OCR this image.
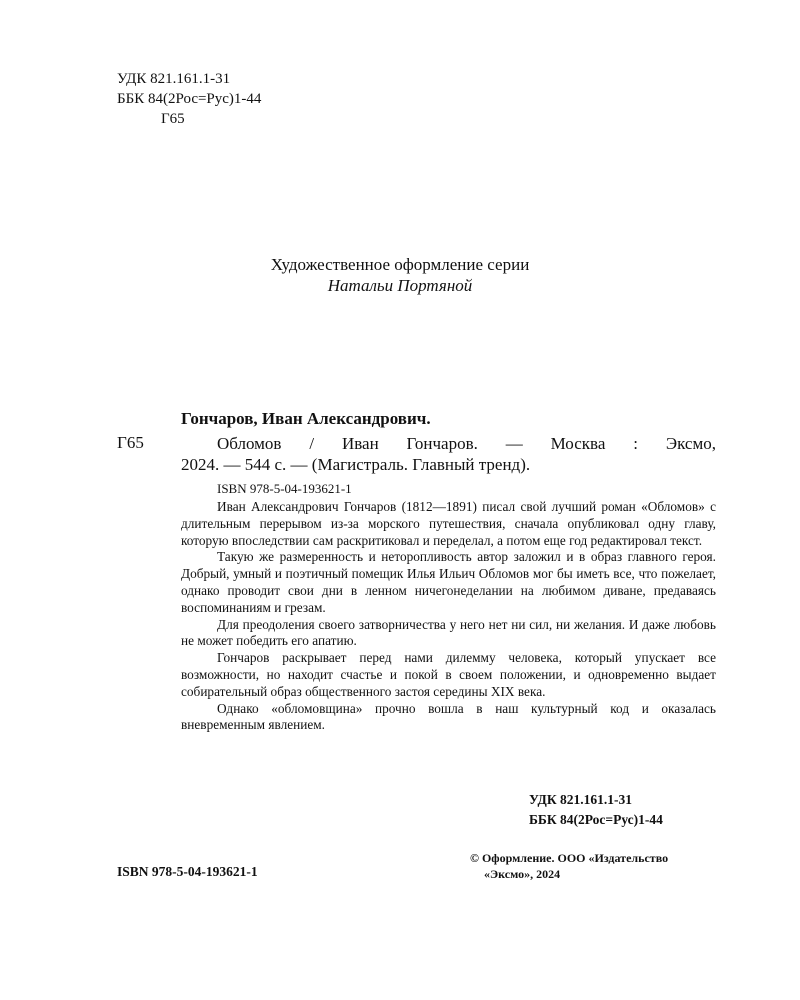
УДК 821.161.1-31
ББК 84(2Рос=Рус)1-44
Г65
Художественное оформление серии
Натальи Портяной
Гончаров, Иван Александрович.
Г65	Обломов / Иван Гончаров. — Москва : Эксмо,
2024. — 544 с. — (Магистраль. Главный тренд).
ISBN 978-5-04-193621-1

Иван Александрович Гончаров (1812—1891) писал свой лучший роман «Обломов» с длительным перерывом из-за морского путешествия, сначала опубликовал одну главу, которую впоследствии сам раскритиковал и переделал, а потом еще год редактировал текст.

Такую же размеренность и неторопливость автор заложил и в образ главного героя. Добрый, умный и поэтичный помещик Илья Ильич Обломов мог бы иметь все, что пожелает, однако проводит свои дни в ленном ничегонеделании на любимом диване, предаваясь воспоминаниям и грезам.

Для преодоления своего затворничества у него нет ни сил, ни желания. И даже любовь не может победить его апатию.

Гончаров раскрывает перед нами дилемму человека, который упускает все возможности, но находит счастье и покой в своем положении, и одновременно выдает собирательный образ общественного застоя середины XIX века.

Однако «обломовщина» прочно вошла в наш культурный код и оказалась вневременным явлением.

УДК 821.161.1-31
ББК 84(2Рос=Рус)1-44
ISBN 978-5-04-193621-1
© Оформление. ООО «Издательство
«Эксмо», 2024
